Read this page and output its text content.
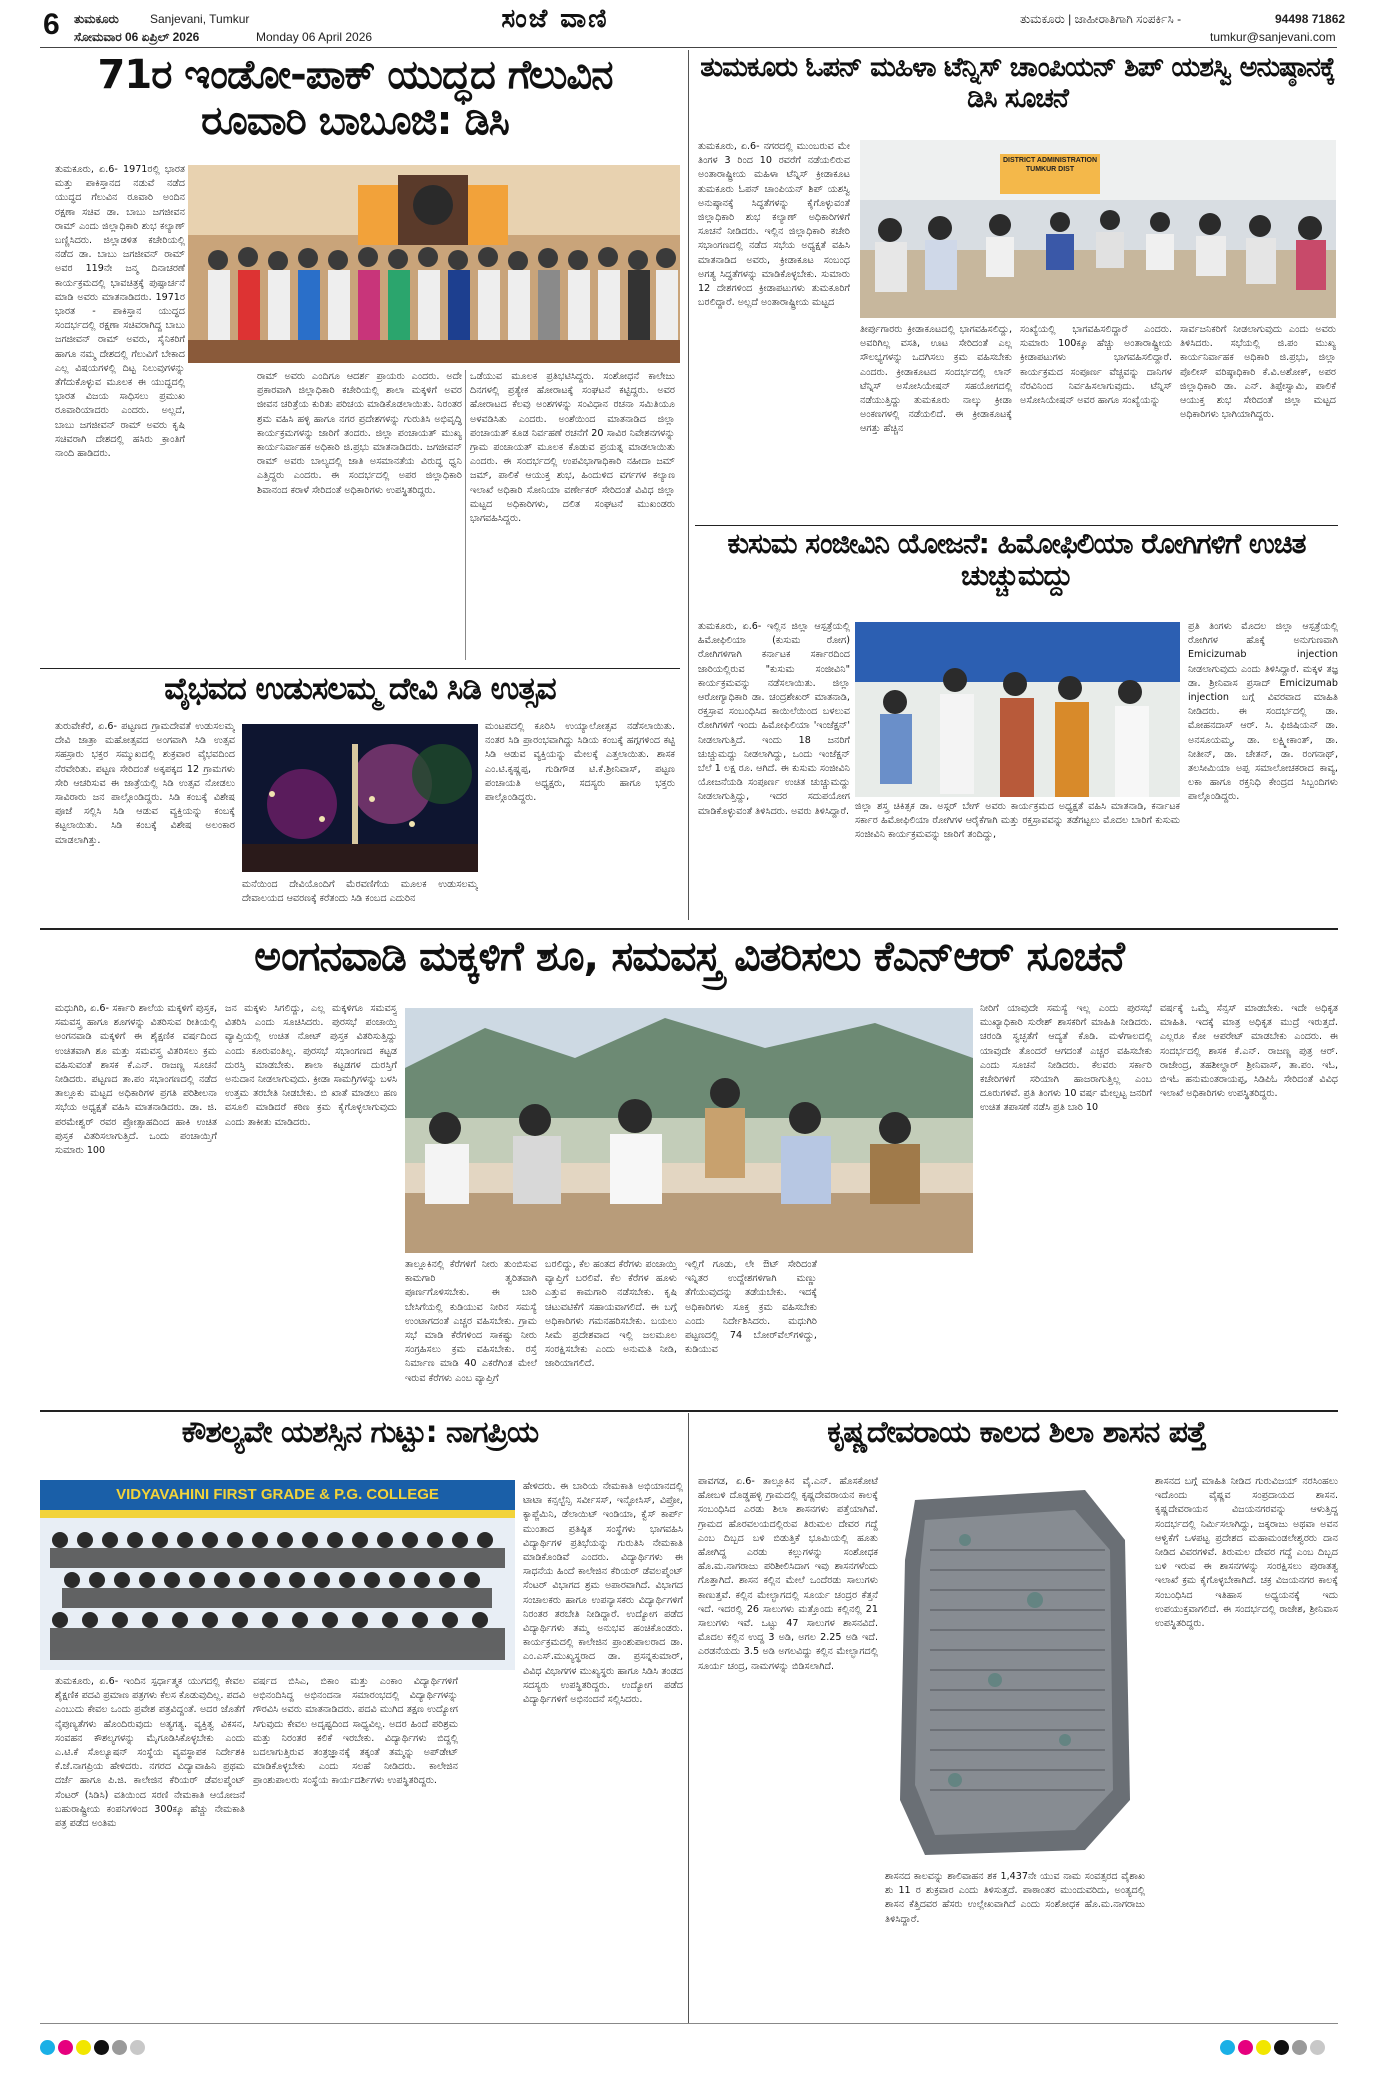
6 ತುಮಕೂರು	Sanjevani, Tumkur
ಸೋಮವಾರ 06 ಏಪ್ರಿಲ್ 2026	Monday 06 April 2026
ಸಂಜೆ ವಾಣಿ	ತುಮಕೂರು | ಜಾಹೀರಾತಿಗಾಗಿ ಸಂಪರ್ಕಿಸಿ -	94498 71862
tumkur@sanjevani.com
71ರ ಇಂಡೋ-ಪಾಕ್ ಯುದ್ಧದ ಗೆಲುವಿನ ರೂವಾರಿ ಬಾಬೂಜಿ: ಡಿಸಿ
ತುಮಕೂರು, ಏ.6- 1971ರಲ್ಲಿ ಭಾರತ ಮತ್ತು ಪಾಕಿಸ್ತಾನದ ನಡುವೆ ನಡೆದ ಯುದ್ಧದ ಗೆಲುವಿನ ರೂವಾರಿ ಅಂದಿನ ರಕ್ಷಣಾ ಸಚಿವ ಡಾ. ಬಾಬು ಜಗಜೀವನ ರಾಮ್ ಎಂದು ಜಿಲ್ಲಾಧಿಕಾರಿ ಶುಭ ಕಲ್ಯಾಣ್ ಬಣ್ಣಿಸಿದರು. ಜಿಲ್ಲಾಡಳಿತ ಕಚೇರಿಯಲ್ಲಿ ನಡೆದ ಡಾ. ಬಾಬು ಜಗಜೀವನ್ ರಾಮ್ ಅವರ 119ನೇ ಜನ್ಮ ದಿನಾಚರಣೆ ಕಾರ್ಯಕ್ರಮದಲ್ಲಿ ಭಾವಚಿತ್ರಕ್ಕೆ ಪುಷ್ಪಾರ್ಚನೆ ಮಾಡಿ ಅವರು ಮಾತನಾಡಿದರು. 1971ರ ಭಾರತ - ಪಾಕಿಸ್ತಾನ ಯುದ್ಧದ ಸಂದರ್ಭದಲ್ಲಿ ರಕ್ಷಣಾ ಸಚಿವರಾಗಿದ್ದ ಬಾಬು ಜಗಜೀವನ್ ರಾಮ್ ಅವರು, ಸೈನಿಕರಿಗೆ ಹಾಗೂ ನಮ್ಮ ದೇಶದಲ್ಲಿ ಗೆಲುವಿಗೆ ಬೇಕಾದ ಎಲ್ಲ ವಿಷಯಗಳಲ್ಲಿ ದಿಟ್ಟ ನಿಲುವುಗಳನ್ನು ತೆಗೆದುಕೊಳ್ಳುವ ಮೂಲಕ ಈ ಯುದ್ಧದಲ್ಲಿ ಭಾರತ ವಿಜಯ ಸಾಧಿಸಲು ಪ್ರಮುಖ ರೂವಾರಿಯಾದರು ಎಂದರು. ಅಲ್ಲದೆ, ಬಾಬು ಜಗಜೀವನ್ ರಾಮ್ ಅವರು ಕೃಷಿ ಸಚಿವರಾಗಿ ದೇಶದಲ್ಲಿ ಹಸಿರು ಕ್ರಾಂತಿಗೆ ನಾಂದಿ ಹಾಡಿದರು.
ರಾಮ್ ಅವರು ಎಂದಿಗೂ ಆದರ್ಶ ಪ್ರಾಯರು ಎಂದರು. ಅದೇ ಪ್ರಕಾರವಾಗಿ ಜಿಲ್ಲಾಧಿಕಾರಿ ಕಚೇರಿಯಲ್ಲಿ ಶಾಲಾ ಮಕ್ಕಳಿಗೆ ಅವರ ಜೀವನ ಚರಿತ್ರೆಯ ಕುರಿತು ಪರಿಚಯ ಮಾಡಿಕೊಡಲಾಯಿತು. ನಿರಂತರ ಶ್ರಮ ವಹಿಸಿ ಹಳ್ಳಿ ಹಾಗೂ ನಗರ ಪ್ರದೇಶಗಳನ್ನು ಗುರುತಿಸಿ ಅಭಿವೃದ್ಧಿ ಕಾರ್ಯಕ್ರಮಗಳನ್ನು ಜಾರಿಗೆ ತಂದರು. ಜಿಲ್ಲಾ ಪಂಚಾಯತ್ ಮುಖ್ಯ ಕಾರ್ಯನಿರ್ವಾಹಕ ಅಧಿಕಾರಿ ಜಿ.ಪ್ರಭು ಮಾತನಾಡಿದರು. ಜಗಜೀವನ್ ರಾಮ್ ಅವರು ಬಾಲ್ಯದಲ್ಲಿ ಜಾತಿ ಅಸಮಾನತೆಯ ವಿರುದ್ಧ ಧ್ವನಿ ಎತ್ತಿದ್ದರು ಎಂದರು. ಈ ಸಂದರ್ಭದಲ್ಲಿ ಅಪರ ಜಿಲ್ಲಾಧಿಕಾರಿ ಶಿವಾನಂದ ಕರಾಳೆ ಸೇರಿದಂತೆ ಅಧಿಕಾರಿಗಳು ಉಪಸ್ಥಿತರಿದ್ದರು.
ಒಡೆಯುವ ಮೂಲಕ ಪ್ರತಿಭಟಿಸಿದ್ದರು. ಸಂಶೋಧನೆ ಕಾಲೇಜು ದಿನಗಳಲ್ಲಿ ಪ್ರತ್ಯೇಕ ಹೋರಾಟಕ್ಕೆ ಸಂಘಟನೆ ಕಟ್ಟಿದ್ದರು. ಅವರ ಹೋರಾಟದ ಕೆಲವು ಅಂಶಗಳನ್ನು ಸಂವಿಧಾನ ರಚನಾ ಸಮಿತಿಯೂ ಅಳವಡಿಸಿತು ಎಂದರು. ಅಂಶೆಯಿಂದ ಮಾತನಾಡಿದ ಜಿಲ್ಲಾ ಪಂಚಾಯತ್ ಕೂಡ ನಿರ್ವಹಣೆ ರಚನೆಗೆ 20 ಸಾವಿರ ನಿವೇಶನಗಳನ್ನು ಗ್ರಾಮ ಪಂಚಾಯತ್ ಮೂಲಕ ಕೊಡುವ ಪ್ರಯತ್ನ ಮಾಡಲಾಯಿತು ಎಂದರು. ಈ ಸಂದರ್ಭದಲ್ಲಿ ಉಪವಿಭಾಗಾಧಿಕಾರಿ ನಹೀದಾ ಜಮ್ ಜಮ್, ಪಾಲಿಕೆ ಆಯುಕ್ತ ಶುಭ, ಹಿಂದುಳಿದ ವರ್ಗಗಳ ಕಲ್ಯಾಣ ಇಲಾಖೆ ಅಧಿಕಾರಿ ಸೋನಿಯಾ ವರ್ಣೇಕರ್ ಸೇರಿದಂತೆ ವಿವಿಧ ಜಿಲ್ಲಾ ಮಟ್ಟದ ಅಧಿಕಾರಿಗಳು, ದಲಿತ ಸಂಘಟನೆ ಮುಖಂಡರು ಭಾಗವಹಿಸಿದ್ದರು.
ತುಮಕೂರು ಓಪನ್ ಮಹಿಳಾ ಟೆನ್ನಿಸ್ ಚಾಂಪಿಯನ್ ಶಿಪ್ ಯಶಸ್ವಿ ಅನುಷ್ಠಾನಕ್ಕೆ ಡಿಸಿ ಸೂಚನೆ
ತುಮಕೂರು, ಏ.6- ನಗರದಲ್ಲಿ ಮುಂಬರುವ ಮೇ ತಿಂಗಳ 3 ರಿಂದ 10 ರವರೆಗೆ ನಡೆಯಲಿರುವ ಅಂತಾರಾಷ್ಟ್ರೀಯ ಮಹಿಳಾ ಟೆನ್ನಿಸ್ ಕ್ರೀಡಾಕೂಟ ತುಮಕೂರು ಓಪನ್ ಚಾಂಪಿಯನ್ ಶಿಪ್ ಯಶಸ್ವಿ ಅನುಷ್ಠಾನಕ್ಕೆ ಸಿದ್ಧತೆಗಳನ್ನು ಕೈಗೊಳ್ಳುವಂತೆ ಜಿಲ್ಲಾಧಿಕಾರಿ ಶುಭ ಕಲ್ಯಾಣ್ ಅಧಿಕಾರಿಗಳಿಗೆ ಸೂಚನೆ ನೀಡಿದರು. ಇಲ್ಲಿನ ಜಿಲ್ಲಾಧಿಕಾರಿ ಕಚೇರಿ ಸಭಾಂಗಣದಲ್ಲಿ ನಡೆದ ಸಭೆಯ ಅಧ್ಯಕ್ಷತೆ ವಹಿಸಿ ಮಾತನಾಡಿದ ಅವರು, ಕ್ರೀಡಾಕೂಟ ಸಂಬಂಧ ಅಗತ್ಯ ಸಿದ್ಧತೆಗಳನ್ನು ಮಾಡಿಕೊಳ್ಳಬೇಕು. ಸುಮಾರು 12 ದೇಶಗಳಿಂದ ಕ್ರೀಡಾಪಟುಗಳು ತುಮಕೂರಿಗೆ ಬರಲಿದ್ದಾರೆ. ಅಲ್ಲದೆ ಅಂತಾರಾಷ್ಟ್ರೀಯ ಮಟ್ಟದ
DISTRICT ADMINISTRATION TUMKUR DIST
ತೀರ್ಪುಗಾರರು ಕ್ರೀಡಾಕೂಟದಲ್ಲಿ ಭಾಗವಹಿಸಲಿದ್ದು, ಅವರಿಗಿಲ್ಲ ವಸತಿ, ಊಟ ಸೇರಿದಂತೆ ಎಲ್ಲ ಸೌಲಭ್ಯಗಳನ್ನು ಒದಗಿಸಲು ಕ್ರಮ ವಹಿಸಬೇಕು ಎಂದರು. ಕ್ರೀಡಾಕೂಟದ ಸಂದರ್ಭದಲ್ಲಿ ಲಾನ್ ಟೆನ್ನಿಸ್ ಅಸೋಸಿಯೇಷನ್ ಸಹಯೋಗದಲ್ಲಿ ನಡೆಯುತ್ತಿದ್ದು ತುಮಕೂರು ನಾಲ್ಕು ಕ್ರೀಡಾ ಅಂಕಣಗಳಲ್ಲಿ ನಡೆಯಲಿದೆ. ಈ ಕ್ರೀಡಾಕೂಟಕ್ಕೆ ಆಗತ್ತು ಹೆಚ್ಚಿನ
ಸಂಖ್ಯೆಯಲ್ಲಿ ಭಾಗವಹಿಸಲಿದ್ದಾರೆ ಎಂದರು. ಸುಮಾರು 100ಕ್ಕೂ ಹೆಚ್ಚು ಅಂತಾರಾಷ್ಟ್ರೀಯ ಕ್ರೀಡಾಪಟುಗಳು ಭಾಗವಹಿಸಲಿದ್ದಾರೆ. ಕಾರ್ಯಕ್ರಮದ ಸಂಪೂರ್ಣ ವೆಚ್ಚವನ್ನು ದಾನಿಗಳ ನೆರವಿನಿಂದ ನಿರ್ವಹಿಸಲಾಗುವುದು. ಟೆನ್ನಿಸ್ ಅಸೋಸಿಯೇಷನ್ ಅವರ ಹಾಗೂ ಸಂಖ್ಯೆಯನ್ನು
ಸಾರ್ವಜನಿಕರಿಗೆ ನೀಡಲಾಗುವುದು ಎಂದು ಅವರು ತಿಳಿಸಿದರು. ಸಭೆಯಲ್ಲಿ ಜಿ.ಪಂ ಮುಖ್ಯ ಕಾರ್ಯನಿರ್ವಾಹಕ ಅಧಿಕಾರಿ ಜಿ.ಪ್ರಭು, ಜಿಲ್ಲಾ ಪೊಲೀಸ್ ವರಿಷ್ಠಾಧಿಕಾರಿ ಕೆ.ವಿ.ಅಶೋಕ್, ಅಪರ ಜಿಲ್ಲಾಧಿಕಾರಿ ಡಾ. ಎನ್. ತಿಪ್ಪೇಸ್ವಾಮಿ, ಪಾಲಿಕೆ ಆಯುಕ್ತ ಶುಭ ಸೇರಿದಂತೆ ಜಿಲ್ಲಾ ಮಟ್ಟದ ಅಧಿಕಾರಿಗಳು ಭಾಗಿಯಾಗಿದ್ದರು.
ಕುಸುಮ ಸಂಜೀವಿನಿ ಯೋಜನೆ: ಹಿಮೋಫಿಲಿಯಾ ರೋಗಿಗಳಿಗೆ ಉಚಿತ ಚುಚ್ಚುಮದ್ದು
ತುಮಕೂರು, ಏ.6- ಇಲ್ಲಿನ ಜಿಲ್ಲಾ ಆಸ್ಪತ್ರೆಯಲ್ಲಿ ಹಿಮೋಫಿಲಿಯಾ (ಕುಸುಮ ರೋಗ) ರೋಗಿಗಳಿಗಾಗಿ ಕರ್ನಾಟಕ ಸರ್ಕಾರದಿಂದ ಜಾರಿಯಲ್ಲಿರುವ "ಕುಸುಮ ಸಂಜೀವಿನಿ" ಕಾರ್ಯಕ್ರಮವನ್ನು ನಡೆಸಲಾಯಿತು. ಜಿಲ್ಲಾ ಆರೋಗ್ಯಾಧಿಕಾರಿ ಡಾ. ಚಂದ್ರಶೇಖರ್ ಮಾತನಾಡಿ, ರಕ್ತಸ್ರಾವ ಸಂಬಂಧಿಸಿದ ಕಾಯಿಲೆಯಿಂದ ಬಳಲುವ ರೋಗಿಗಳಿಗೆ ಇಂದು ಹಿಮೋಫಿಲಿಯಾ 'ಇಂಜೆಕ್ಷನ್' ನೀಡಲಾಗುತ್ತಿದೆ. ಇಂದು 18 ಜನರಿಗೆ ಚುಚ್ಚುಮದ್ದು ನೀಡಲಾಗಿದ್ದು, ಒಂದು ಇಂಜೆಕ್ಷನ್ ಬೆಲೆ 1 ಲಕ್ಷ ರೂ. ಆಗಿದೆ. ಈ ಕುಸುಮ ಸಂಜೀವಿನಿ ಯೋಜನೆಯಡಿ ಸಂಪೂರ್ಣ ಉಚಿತ ಚುಚ್ಚುಮದ್ದು ನೀಡಲಾಗುತ್ತಿದ್ದು, ಇದರ ಸದುಪಯೋಗ ಮಾಡಿಕೊಳ್ಳುವಂತೆ ತಿಳಿಸಿದರು. ಅವರು ತಿಳಿಸಿದ್ದಾರೆ. ಜಿಲ್ಲಾ ಶಸ್ತ್ರ ಚಿಕಿತ್ಸಕ ಡಾ. ಅಸ್ಗರ್ ಬೇಗ್ ಅವರು ಕಾರ್ಯಕ್ರಮದ ಅಧ್ಯಕ್ಷತೆ ವಹಿಸಿ ಮಾತನಾಡಿ, ಕರ್ನಾಟಕ ಸರ್ಕಾರ ಹಿಮೋಫಿಲಿಯಾ ರೋಗಿಗಳ ಆರೈಕೆಗಾಗಿ ಮತ್ತು ರಕ್ತಸ್ರಾವವನ್ನು ತಡೆಗಟ್ಟಲು ಮೊದಲ ಬಾರಿಗೆ ಕುಸುಮ ಸಂಜೀವಿನಿ ಕಾರ್ಯಕ್ರಮವನ್ನು ಜಾರಿಗೆ ತಂದಿದ್ದು,
ಪ್ರತಿ ತಿಂಗಳು ಮೊದಲ ಜಿಲ್ಲಾ ಆಸ್ಪತ್ರೆಯಲ್ಲಿ ರೋಗಿಗಳ ಹೊಕ್ಕೆ ಅನುಗುಣವಾಗಿ Emicizumab injection ನೀಡಲಾಗುವುದು ಎಂದು ತಿಳಿಸಿದ್ದಾರೆ. ಮಕ್ಕಳ ತಜ್ಞ ಡಾ. ಶ್ರೀನಿವಾಸ ಪ್ರಸಾದ್ Emicizumab injection ಬಗ್ಗೆ ವಿವರವಾದ ಮಾಹಿತಿ ನೀಡಿದರು. ಈ ಸಂದರ್ಭದಲ್ಲಿ ಡಾ. ಮೋಹನದಾಸ್ ಆರ್. ಸಿ. ಫಿಜಿಷಿಯನ್ ಡಾ. ಅನಸೂಯಮ್ಮ, ಡಾ. ಲಕ್ಷ್ಮೀಕಾಂತ್, ಡಾ. ನೀತೀನ್, ಡಾ. ಚೇತನ್, ಡಾ. ರಂಗನಾಥ್, ತಲಸೀಮಿಯಾ ಅಪ್ಪ ಸಮಾಲೋಚಕರಾದ ಕಾವ್ಯ, ಲಕಾ ಹಾಗೂ ರಕ್ತನಿಧಿ ಕೇಂದ್ರದ ಸಿಬ್ಬಂದಿಗಳು ಪಾಲ್ಗೊಂಡಿದ್ದರು.
ವೈಭವದ ಉಡುಸಲಮ್ಮ ದೇವಿ ಸಿಡಿ ಉತ್ಸವ
ತುರುವೇಕೆರೆ, ಏ.6- ಪಟ್ಟಣದ ಗ್ರಾಮದೇವತೆ ಉಡುಸಲಮ್ಮ ದೇವಿ ಜಾತ್ರಾ ಮಹೋತ್ಸವದ ಅಂಗವಾಗಿ ಸಿಡಿ ಉತ್ಸವ ಸಹಸ್ರಾರು ಭಕ್ತರ ಸಮ್ಮುಖದಲ್ಲಿ ಶುಕ್ರವಾರ ವೈಭವದಿಂದ ನೆರವೇರಿತು. ಪಟ್ಟಣ ಸೇರಿದಂತೆ ಅಕ್ಕಪಕ್ಕದ 12 ಗ್ರಾಮಗಳು ಸೇರಿ ಆಚರಿಸುವ ಈ ಜಾತ್ರೆಯಲ್ಲಿ ಸಿಡಿ ಉತ್ಸವ ನೋಡಲು ಸಾವಿರಾರು ಜನ ಪಾಲ್ಗೊಂಡಿದ್ದರು. ಸಿಡಿ ಕಂಬಕ್ಕೆ ವಿಶೇಷ ಪೂಜೆ ಸಲ್ಲಿಸಿ ಸಿಡಿ ಆಡುವ ವ್ಯಕ್ತಿಯನ್ನು ಕಂಬಕ್ಕೆ ಕಟ್ಟಲಾಯಿತು. ಸಿಡಿ ಕಂಬಕ್ಕೆ ವಿಶೇಷ ಅಲಂಕಾರ ಮಾಡಲಾಗಿತ್ತು.
ಮನೆಯಿಂದ ದೇವಿಯೊಂದಿಗೆ ಮೆರವಣಿಗೆಯ ಮೂಲಕ ಉಡುಸಲಮ್ಮ ದೇವಾಲಯದ ಆವರಣಕ್ಕೆ ಕರೆತಂದು ಸಿಡಿ ಕಂಬದ ಎದುರಿನ
ಮಂಟಪದಲ್ಲಿ ಕೂರಿಸಿ ಉಯ್ಯಾಲೋತ್ಸವ ನಡೆಸಲಾಯಿತು. ನಂತರ ಸಿಡಿ ಪ್ರಾರಂಭವಾಗಿದ್ದು ಸಿಡಿಯ ಕಂಬಕ್ಕೆ ಹಗ್ಗಗಳಿಂದ ಕಟ್ಟಿ ಸಿಡಿ ಆಡುವ ವ್ಯಕ್ತಿಯನ್ನು ಮೇಲಕ್ಕೆ ಎತ್ತಲಾಯಿತು. ಶಾಸಕ ಎಂ.ಟಿ.ಕೃಷ್ಣಪ್ಪ, ಗುಡಿಗೌಡ ಟಿ.ಕೆ.ಶ್ರೀನಿವಾಸ್, ಪಟ್ಟಣ ಪಂಚಾಯತಿ ಅಧ್ಯಕ್ಷರು, ಸದಸ್ಯರು ಹಾಗೂ ಭಕ್ತರು ಪಾಲ್ಗೊಂಡಿದ್ದರು.
ಅಂಗನವಾಡಿ ಮಕ್ಕಳಿಗೆ ಶೂ, ಸಮವಸ್ತ್ರ ವಿತರಿಸಲು ಕೆಎನ್‌ಆರ್ ಸೂಚನೆ
ಮಧುಗಿರಿ, ಏ.6- ಸರ್ಕಾರಿ ಶಾಲೆಯ ಮಕ್ಕಳಿಗೆ ಪುಸ್ತಕ, ಸಮವಸ್ತ್ರ ಹಾಗೂ ಶೂಗಳನ್ನು ವಿತರಿಸುವ ರೀತಿಯಲ್ಲಿ ಅಂಗನವಾಡಿ ಮಕ್ಕಳಿಗೆ ಈ ಶೈಕ್ಷಣಿಕ ವರ್ಷದಿಂದ ಉಚಿತವಾಗಿ ಶೂ ಮತ್ತು ಸಮವಸ್ತ್ರ ವಿತರಿಸಲು ಕ್ರಮ ವಹಿಸುವಂತೆ ಶಾಸಕ ಕೆ.ಎನ್. ರಾಜಣ್ಣ ಸೂಚನೆ ನೀಡಿದರು. ಪಟ್ಟಣದ ತಾ.ಪಂ ಸಭಾಂಗಣದಲ್ಲಿ ನಡೆದ ತಾಲ್ಲೂಕು ಮಟ್ಟದ ಅಧಿಕಾರಿಗಳ ಪ್ರಗತಿ ಪರಿಶೀಲನಾ ಸಭೆಯ ಅಧ್ಯಕ್ಷತೆ ವಹಿಸಿ ಮಾತನಾಡಿದರು. ಡಾ. ಜಿ. ಪರಮೇಶ್ವರ್ ರವರ ಪ್ರೋತ್ಸಾಹದಿಂದ ಹಾಕಿ ಉಚಿತ ಪುಸ್ತಕ ವಿತರಿಸಲಾಗುತ್ತಿದೆ. ಒಂದು ಪಂಚಾಯ್ತಿಗೆ ಸುಮಾರು 100
ಜನ ಮಕ್ಕಳು ಸಿಗಲಿದ್ದು, ಎಲ್ಲ ಮಕ್ಕಳಿಗೂ ಸಮವಸ್ತ್ರ ವಿತರಿಸಿ ಎಂದು ಸೂಚಿಸಿದರು. ಪುರಸಭೆ ಪಂಚಾಯ್ತಿ ವ್ಯಾಪ್ತಿಯಲ್ಲಿ ಉಚಿತ ನೋಟ್ ಪುಸ್ತಕ ವಿತರಿಸುತ್ತಿದ್ದು ಎಂದು ಕೂರುವಂತಿಲ್ಲ. ಪುರಸಭೆ ಸಭಾಂಗಣದ ಕಟ್ಟಡ ದುರಸ್ತಿ ಮಾಡಬೇಕು. ಶಾಲಾ ಕಟ್ಟಡಗಳ ದುರಸ್ತಿಗೆ ಅನುದಾನ ನೀಡಲಾಗುವುದು. ಕ್ರೀಡಾ ಸಾಮಗ್ರಿಗಳನ್ನು ಬಳಸಿ ಉತ್ತಮ ತರಬೇತಿ ನೀಡಬೇಕು. ಬಿ ಖಾತೆ ಮಾಡಲು ಹಣ ವಸೂಲಿ ಮಾಡಿದರೆ ಕಠಿಣ ಕ್ರಮ ಕೈಗೊಳ್ಳಲಾಗುವುದು ಎಂದು ತಾಕೀತು ಮಾಡಿದರು.
ತಾಲ್ಲೂಕಿನಲ್ಲಿ ಕೆರೆಗಳಿಗೆ ನೀರು ತುಂಬಿಸುವ ಕಾಮಗಾರಿ ತ್ವರಿತವಾಗಿ ಪೂರ್ಣಗೊಳಿಸಬೇಕು. ಈ ಬಾರಿ ಬೇಸಿಗೆಯಲ್ಲಿ ಕುಡಿಯುವ ನೀರಿನ ಸಮಸ್ಯೆ ಉಂಟಾಗದಂತೆ ಎಚ್ಚರ ವಹಿಸಬೇಕು. ಗ್ರಾಮ ಸಭೆ ಮಾಡಿ ಕೆರೆಗಳಿಂದ ಸಾಕಷ್ಟು ನೀರು ಸಂಗ್ರಹಿಸಲು ಕ್ರಮ ವಹಿಸಬೇಕು. ರಸ್ತೆ ನಿರ್ಮಾಣ ಮಾಡಿ 40 ಎಕರೆಗಿಂತ ಮೇಲೆ ಇರುವ ಕೆರೆಗಳು ಎಂಬ ವ್ಯಾಪ್ತಿಗೆ
ಬರಲಿದ್ದು, ಕೆಲ ಹಂತದ ಕೆರೆಗಳು ಪಂಚಾಯ್ತಿ ವ್ಯಾಪ್ತಿಗೆ ಬರಲಿವೆ. ಕೆಲ ಕೆರೆಗಳ ಹೂಳು ಎತ್ತುವ ಕಾಮಗಾರಿ ನಡೆಸಬೇಕು. ಕೃಷಿ ಚಟುವಟಿಕೆಗೆ ಸಹಾಯವಾಗಲಿದೆ. ಈ ಬಗ್ಗೆ ಅಧಿಕಾರಿಗಳು ಗಮನಹರಿಸಬೇಕು. ಬಯಲು ಸೀಮೆ ಪ್ರದೇಶವಾದ ಇಲ್ಲಿ ಜಲಮೂಲ ಸಂರಕ್ಷಿಸಬೇಕು ಎಂದು ಅನುಮತಿ ನೀಡಿ, ಜಾರಿಯಾಗಲಿದೆ.
ಇಲ್ಲಿಗೆ ಗೂಡು, ಲೇ ಔಟ್ ಸೇರಿದಂತೆ ಇನ್ನಿತರ ಉದ್ದೇಶಗಳಿಗಾಗಿ ಮಣ್ಣು ತೆಗೆಯುವುದನ್ನು ತಡೆಯಬೇಕು. ಇದಕ್ಕೆ ಅಧಿಕಾರಿಗಳು ಸೂಕ್ತ ಕ್ರಮ ವಹಿಸಬೇಕು ಎಂದು ನಿರ್ದೇಶಿಸಿದರು. ಮಧುಗಿರಿ ಪಟ್ಟಣದಲ್ಲಿ 74 ಬೋರ್‌ವೆಲ್‌ಗಳಿದ್ದು, ಕುಡಿಯುವ
ನೀರಿಗೆ ಯಾವುದೇ ಸಮಸ್ಯೆ ಇಲ್ಲ ಎಂದು ಪುರಸಭೆ ಮುಖ್ಯಾಧಿಕಾರಿ ಸುರೇಶ್ ಶಾಸಕರಿಗೆ ಮಾಹಿತಿ ನೀಡಿದರು. ಚರಂಡಿ ಸ್ವಚ್ಛತೆಗೆ ಆದ್ಯತೆ ಕೊಡಿ. ಮಳೆಗಾಲದಲ್ಲಿ ಯಾವುದೇ ತೊಂದರೆ ಆಗದಂತೆ ಎಚ್ಚರ ವಹಿಸಬೇಕು ಎಂದು ಸೂಚನೆ ನೀಡಿದರು. ಕೆಲವರು ಸರ್ಕಾರಿ ಕಚೇರಿಗಳಿಗೆ ಸರಿಯಾಗಿ ಹಾಜರಾಗುತ್ತಿಲ್ಲ ಎಂಬ ದೂರುಗಳಿವೆ. ಪ್ರತಿ ತಿಂಗಳು 10 ವರ್ಷ ಮೇಲ್ಪಟ್ಟ ಜನರಿಗೆ ಉಚಿತ ತಪಾಸಣೆ ನಡೆಸಿ ಪ್ರತಿ ಬಾರಿ 10
ವರ್ಷಕ್ಕೆ ಒಮ್ಮೆ ಸೆನ್ಸಸ್ ಮಾಡಬೇಕು. ಇದೇ ಅಧಿಕೃತ ಮಾಹಿತಿ. ಇದಕ್ಕೆ ಮಾತ್ರ ಅಧಿಕೃತ ಮುದ್ರೆ ಇರುತ್ತದೆ. ಎಲ್ಲರೂ ಕೋ ಆಪರೇಟ್ ಮಾಡಬೇಕು ಎಂದರು. ಈ ಸಂದರ್ಭದಲ್ಲಿ ಶಾಸಕ ಕೆ.ಎನ್. ರಾಜಣ್ಣ ಪುತ್ರ ಆರ್. ರಾಜೇಂದ್ರ, ತಹಶೀಲ್ದಾರ್ ಶ್ರೀನಿವಾಸ್, ತಾ.ಪಂ. ಇಓ, ಬಿಇಓ ಹನುಮಂತರಾಯಪ್ಪ, ಸಿಡಿಪಿಓ ಸೇರಿದಂತೆ ವಿವಿಧ ಇಲಾಖೆ ಅಧಿಕಾರಿಗಳು ಉಪಸ್ಥಿತರಿದ್ದರು.
ಕೌಶಲ್ಯವೇ ಯಶಸ್ಸಿನ ಗುಟ್ಟು: ನಾಗಪ್ರಿಯ
VIDYAVAHINI FIRST GRADE & P.G. COLLEGE
ತುಮಕೂರು, ಏ.6- ಇಂದಿನ ಸ್ಪರ್ಧಾತ್ಮಕ ಯುಗದಲ್ಲಿ ಕೇವಲ ಶೈಕ್ಷಣಿಕ ಪದವಿ ಪ್ರಮಾಣ ಪತ್ರಗಳು ಕೆಲಸ ಕೊಡುವುದಿಲ್ಲ. ಪದವಿ ಎಂಬುದು ಕೇವಲ ಒಂದು ಪ್ರವೇಶ ಪತ್ರವಿದ್ದಂತೆ. ಅದರ ಜೊತೆಗೆ ನೈಪುಣ್ಯತೆಗಳು ಹೊಂದಿರುವುದು ಅತ್ಯಗತ್ಯ. ವ್ಯಕ್ತಿತ್ವ ವಿಕಸನ, ಸಂವಹನ ಕೌಶಲ್ಯಗಳನ್ನು ಮೈಗೂಡಿಸಿಕೊಳ್ಳಬೇಕು ಎಂದು ಎ.ಟಿ.ಕೆ ಸೊಲ್ಯೂಷನ್ ಸಂಸ್ಥೆಯ ವ್ಯವಸ್ಥಾಪಕ ನಿರ್ದೇಶಕಿ ಕೆ.ಜೆ.ನಾಗಪ್ರಿಯ ಹೇಳಿದರು. ನಗರದ ವಿದ್ಯಾವಾಹಿನಿ ಪ್ರಥಮ ದರ್ಜೆ ಹಾಗೂ ಪಿ.ಜಿ. ಕಾಲೇಜಿನ ಕೆರಿಯರ್ ಡೆವಲಪ್ಮೆಂಟ್ ಸೆಂಟರ್ (ಸಿಡಿಸಿ) ವತಿಯಿಂದ ಸರಣಿ ನೇಮಕಾತಿ ಆಯೋಜನೆ ಬಹುರಾಷ್ಟ್ರೀಯ ಕಂಪನಿಗಳಿಂದ 300ಕ್ಕೂ ಹೆಚ್ಚು ನೇಮಕಾತಿ ಪತ್ರ ಪಡೆದ ಅಂತಿಮ
ವರ್ಷದ ಬಿಸಿಎ, ಬಿಕಾಂ ಮತ್ತು ಎಂಕಾಂ ವಿದ್ಯಾರ್ಥಿಗಳಿಗೆ ಅಭಿನಂದಿಸಿದ್ದ ಅಭಿನಂದನಾ ಸಮಾರಂಭದಲ್ಲಿ ವಿದ್ಯಾರ್ಥಿಗಳನ್ನು ಗೌರವಿಸಿ ಅವರು ಮಾತನಾಡಿದರು. ಪದವಿ ಮುಗಿದ ತಕ್ಷಣ ಉದ್ಯೋಗ ಸಿಗುವುದು ಕೇವಲ ಅದೃಷ್ಟದಿಂದ ಸಾಧ್ಯವಿಲ್ಲ. ಅದರ ಹಿಂದೆ ಪರಿಶ್ರಮ ಮತ್ತು ನಿರಂತರ ಕಲಿಕೆ ಇರಬೇಕು. ವಿದ್ಯಾರ್ಥಿಗಳು ಬಿದ್ದಲ್ಲಿ ಬದಲಾಗುತ್ತಿರುವ ತಂತ್ರಜ್ಞಾನಕ್ಕೆ ತಕ್ಕಂತೆ ತಮ್ಮನ್ನು ಅಪ್‌ಡೇಟ್ ಮಾಡಿಕೊಳ್ಳಬೇಕು ಎಂದು ಸಲಹೆ ನೀಡಿದರು. ಕಾಲೇಜಿನ ಪ್ರಾಂಶುಪಾಲರು ಸಂಸ್ಥೆಯ ಕಾರ್ಯದರ್ಶಿಗಳು ಉಪಸ್ಥಿತರಿದ್ದರು.
ಹೇಳಿದರು. ಈ ಬಾರಿಯ ನೇಮಕಾತಿ ಅಭಿಯಾನದಲ್ಲಿ ಟಾಟಾ ಕನ್ಸಲ್ಟೆನ್ಸಿ ಸರ್ವೀಸಸ್, ಇನ್ಫೋಸಿಸ್, ವಿಪ್ರೋ, ಕ್ಯಾಪ್ಜೆಮಿನಿ, ಡೆಲಾಯಿಟ್ ಇಂಡಿಯಾ, ಕ್ವೆಸ್ ಕಾರ್ಪ್ ಮುಂತಾದ ಪ್ರತಿಷ್ಠಿತ ಸಂಸ್ಥೆಗಳು ಭಾಗವಹಿಸಿ ವಿದ್ಯಾರ್ಥಿಗಳ ಪ್ರತಿಭೆಯನ್ನು ಗುರುತಿಸಿ ನೇಮಕಾತಿ ಮಾಡಿಕೊಂಡಿವೆ ಎಂದರು. ವಿದ್ಯಾರ್ಥಿಗಳು ಈ ಸಾಧನೆಯ ಹಿಂದೆ ಕಾಲೇಜಿನ ಕೆರಿಯರ್ ಡೆವಲಪ್ಮೆಂಟ್ ಸೆಂಟರ್ ವಿಭಾಗದ ಶ್ರಮ ಅಪಾರವಾಗಿದೆ. ವಿಭಾಗದ ಸಂಚಾಲಕರು ಹಾಗೂ ಉಪನ್ಯಾಸಕರು ವಿದ್ಯಾರ್ಥಿಗಳಿಗೆ ನಿರಂತರ ತರಬೇತಿ ನೀಡಿದ್ದಾರೆ. ಉದ್ಯೋಗ ಪಡೆದ ವಿದ್ಯಾರ್ಥಿಗಳು ತಮ್ಮ ಅನುಭವ ಹಂಚಿಕೊಂಡರು. ಕಾರ್ಯಕ್ರಮದಲ್ಲಿ ಕಾಲೇಜಿನ ಪ್ರಾಂಶುಪಾಲರಾದ ಡಾ. ಎಂ.ಎಸ್.ಮುಖ್ಯಸ್ಥರಾದ ಡಾ. ಪ್ರಸನ್ನಕುಮಾರ್, ವಿವಿಧ ವಿಭಾಗಗಳ ಮುಖ್ಯಸ್ಥರು ಹಾಗೂ ಸಿಡಿಸಿ ತಂಡದ ಸದಸ್ಯರು ಉಪಸ್ಥಿತರಿದ್ದರು. ಉದ್ಯೋಗ ಪಡೆದ ವಿದ್ಯಾರ್ಥಿಗಳಿಗೆ ಅಭಿನಂದನೆ ಸಲ್ಲಿಸಿದರು.
ಕೃಷ್ಣದೇವರಾಯ ಕಾಲದ ಶಿಲಾ ಶಾಸನ ಪತ್ತೆ
ಪಾವಗಡ, ಏ.6- ತಾಲ್ಲೂಕಿನ ವೈ.ಎನ್. ಹೊಸಕೋಟೆ ಹೋಬಳಿ ದೊಡ್ಡಹಳ್ಳಿ ಗ್ರಾಮದಲ್ಲಿ ಕೃಷ್ಣದೇವರಾಯನ ಕಾಲಕ್ಕೆ ಸಂಬಂಧಿಸಿದ ಎರಡು ಶಿಲಾ ಶಾಸನಗಳು ಪತ್ತೆಯಾಗಿವೆ. ಗ್ರಾಮದ ಹೊರವಲಯದಲ್ಲಿರುವ ತಿರುಮಲ ದೇವರ ಗದ್ದೆ ಎಂಬ ದಿಬ್ಬದ ಬಳಿ ಬಿಡುತ್ತಿಕೆ ಭೂಮಿಯಲ್ಲಿ ಹೂತು ಹೋಗಿದ್ದ ಎರಡು ಕಲ್ಲುಗಳನ್ನು ಸಂಶೋಧಕ ಹೊ.ಮ.ನಾಗರಾಜು ಪರಿಶೀಲಿಸಿದಾಗ ಇವು ಶಾಸನಗಳೆಂದು ಗೊತ್ತಾಗಿದೆ. ಶಾಸನ ಕಲ್ಲಿನ ಮೇಲೆ ಒಂದೆರಡು ಸಾಲುಗಳು ಕಾಣುತ್ತವೆ. ಕಲ್ಲಿನ ಮೇಲ್ಭಾಗದಲ್ಲಿ ಸೂರ್ಯ ಚಂದ್ರರ ಕೆತ್ತನೆ ಇದೆ. ಇದರಲ್ಲಿ 26 ಸಾಲುಗಳು ಮತ್ತೊಂದು ಕಲ್ಲಿನಲ್ಲಿ 21 ಸಾಲುಗಳು ಇವೆ. ಒಟ್ಟು 47 ಸಾಲುಗಳ ಶಾಸನವಿದೆ. ಮೊದಲ ಕಲ್ಲಿನ ಉದ್ದ 3 ಅಡಿ, ಅಗಲ 2.25 ಅಡಿ ಇದೆ. ಎರಡನೆಯದು 3.5 ಅಡಿ ಅಗಲವಿದ್ದು ಕಲ್ಲಿನ ಮೇಲ್ಭಾಗದಲ್ಲಿ ಸೂರ್ಯ ಚಂದ್ರ, ನಾಮಗಳನ್ನು ಬಿಡಿಸಲಾಗಿದೆ.
ಶಾಸನದ ಕಾಲವನ್ನು ಶಾಲಿವಾಹನ ಶಕ 1,437ನೇ ಯುವ ನಾಮ ಸಂವತ್ಸರದ ವೈಶಾಖ ಶು 11 ರ ಶುಕ್ರವಾರ ಎಂದು ತಿಳಿಸುತ್ತದೆ. ಪಾಠಾಂತರ ಮುಂದುವರಿದು, ಅಂತ್ಯದಲ್ಲಿ ಶಾಸನ ಕೆತ್ತಿದವರ ಹೆಸರು ಉಲ್ಲೇಖವಾಗಿದೆ ಎಂದು ಸಂಶೋಧಕ ಹೊ.ಮ.ನಾಗರಾಜು ತಿಳಿಸಿದ್ದಾರೆ.
ಶಾಸನದ ಬಗ್ಗೆ ಮಾಹಿತಿ ನೀಡಿದ ಗುರುವಿಜಯ್ ನರಸಿಂಹಲು ಇದೊಂದು ವೈಷ್ಣವ ಸಂಪ್ರದಾಯದ ಶಾಸನ. ಕೃಷ್ಣದೇವರಾಯನ ವಿಜಯನಗರವನ್ನು ಆಳುತ್ತಿದ್ದ ಸಂದರ್ಭದಲ್ಲಿ ನಿರ್ಮಿಸಲಾಗಿದ್ದು, ಜಕ್ಕರಾಜು ಅಥವಾ ಅವನ ಆಳ್ವಿಕೆಗೆ ಒಳಪಟ್ಟ ಪ್ರದೇಶದ ಮಹಾಮಂಡಲೇಶ್ವರರು ದಾನ ನೀಡಿದ ವಿವರಗಳಿವೆ. ತಿರುಮಲ ದೇವರ ಗದ್ದೆ ಎಂಬ ದಿಬ್ಬದ ಬಳಿ ಇರುವ ಈ ಶಾಸನಗಳನ್ನು ಸಂರಕ್ಷಿಸಲು ಪುರಾತತ್ವ ಇಲಾಖೆ ಕ್ರಮ ಕೈಗೊಳ್ಳಬೇಕಾಗಿದೆ. ಚಕ್ರ ವಿಜಯನಗರ ಕಾಲಕ್ಕೆ ಸಂಬಂಧಿಸಿದ ಇತಿಹಾಸ ಅಧ್ಯಯನಕ್ಕೆ ಇದು ಉಪಯುಕ್ತವಾಗಲಿದೆ. ಈ ಸಂದರ್ಭದಲ್ಲಿ ರಾಜೇಶ, ಶ್ರೀನಿವಾಸ ಉಪಸ್ಥಿತರಿದ್ದರು.
